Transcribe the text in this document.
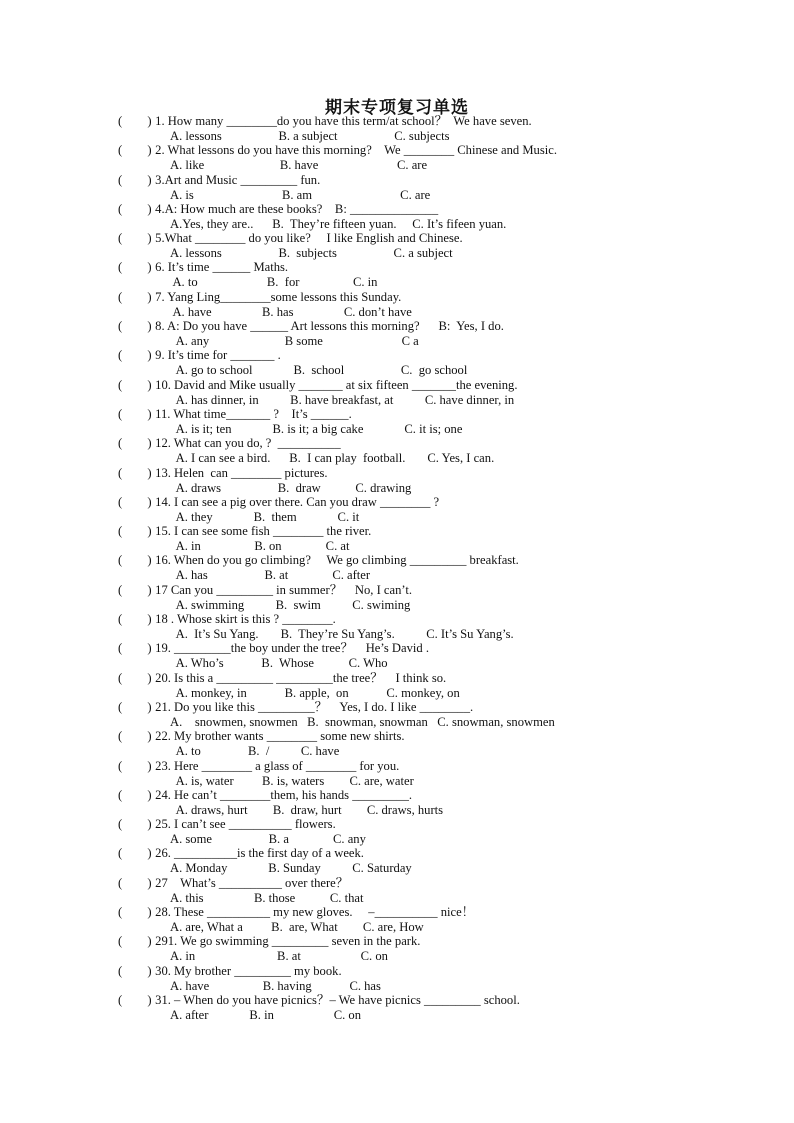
期末专项复习单选
(        ) 1. How many ________do you have this term/at school？  We have seven.
A. lessons                  B. a subject                  C. subjects
(        ) 2. What lessons do you have this morning?    We ________ Chinese and Music.
A. like                        B. have                         C. are
(        ) 3.Art and Music _________ fun.
A. is                            B. am                            C. are
(        ) 4.A: How much are these books?    B: ______________
A.Yes, they are..      B.  They’re fifteen yuan.     C. It’s fifeen yuan.
(        ) 5.What ________ do you like?     I like English and Chinese.
A. lessons                  B.  subjects                  C. a subject
(        ) 6. It’s time ______ Maths.
A. to                      B.  for                 C. in
(        ) 7. Yang Ling________some lessons this Sunday.
A. have                B. has                C. don’t have
(        ) 8. A: Do you have ______ Art lessons this morning?      B:  Yes, I do.
A. any                        B some                         C a
(        ) 9. It’s time for _______ .
A. go to school             B.  school                  C.  go school
(        ) 10. David and Mike usually _______ at six fifteen _______the evening.
A. has dinner, in          B. have breakfast, at          C. have dinner, in
(        ) 11. What time_______ ?    It’s ______.
A. is it; ten             B. is it; a big cake             C. it is; one
(        ) 12. What can you do, ?  __________
A. I can see a bird.      B.  I can play  football.       C. Yes, I can.
(        ) 13. Helen  can ________ pictures.
A. draws                  B.  draw           C. drawing
(        ) 14. I can see a pig over there. Can you draw ________ ?
A. they             B.  them             C. it
(        ) 15. I can see some fish ________ the river.
A. in                 B. on              C. at
(        ) 16. When do you go climbing?     We go climbing _________ breakfast.
A. has                  B. at              C. after
(        ) 17 Can you _________ in summer？    No, I can’t.
A. swimming          B.  swim          C. swiming
(        ) 18 . Whose skirt is this ? ________.
A.  It’s Su Yang.       B.  They’re Su Yang’s.          C. It’s Su Yang’s.
(        ) 19. _________the boy under the tree？    He’s David .
A. Who’s            B.  Whose           C. Who
(        ) 20. Is this a _________ _________the tree？    I think so.
A. monkey, in            B. apple,  on            C. monkey, on
(        ) 21. Do you like this _________？    Yes, I do. I like ________.
A.    snowmen, snowmen   B.  snowman, snowman   C. snowman, snowmen
(        ) 22. My brother wants ________ some new shirts.
A. to               B.  /          C. have
(        ) 23. Here ________ a glass of ________ for you.
A. is, water         B. is, waters        C. are, water
(        ) 24. He can’t ________them, his hands _________.
A. draws, hurt        B.  draw, hurt        C. draws, hurts
(        ) 25. I can’t see __________ flowers.
A. some                  B. a              C. any
(        ) 26. __________is the first day of a week.
A. Monday             B. Sunday          C. Saturday
(        ) 27    What’s __________ over there？
A. this                B. those           C. that
(        ) 28. These __________ my new gloves.     –__________ nice！
A. are, What a         B.  are, What        C. are, How
(        ) 291. We go swimming _________ seven in the park.
A. in                          B. at                   C. on
(        ) 30. My brother _________ my book.
A. have                 B. having            C. has
(        ) 31. – When do you have picnics？– We have picnics _________ school.
A. after             B. in                   C. on
